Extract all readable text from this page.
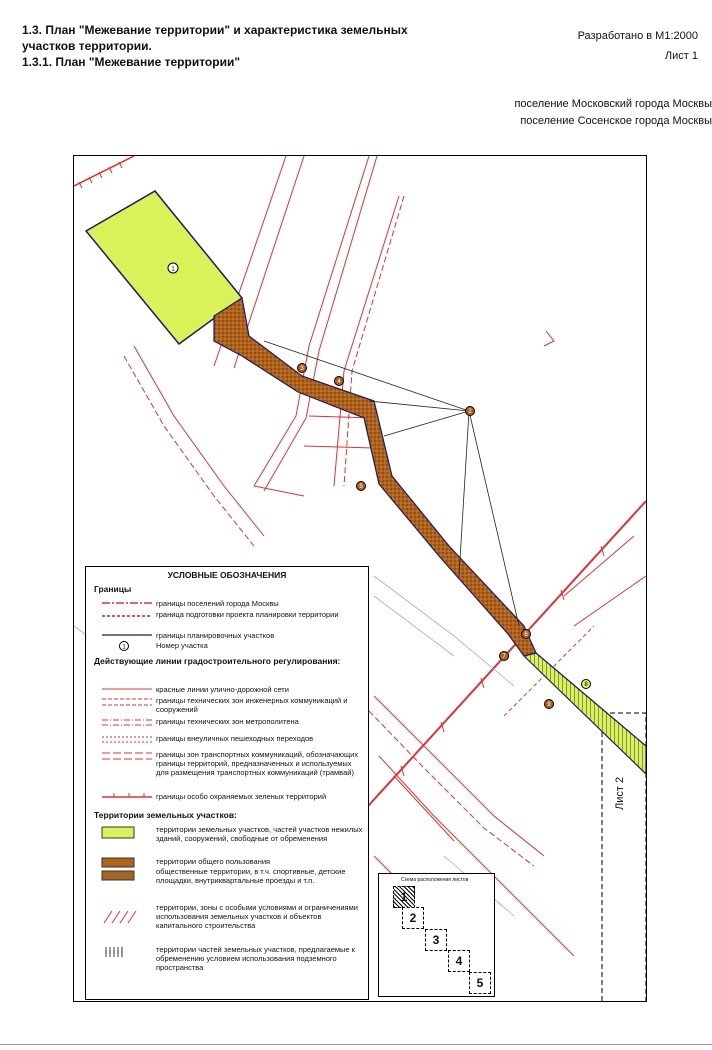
1.3. План "Межевание территории" и характеристика земельных
участков территории.
1.3.1. План "Межевание территории"
Разработано в М1:2000
Лист 1
поселение Московский города Москвы
поселение Сосенское города Москвы
1
2
3
4
5
6
7
8
9
Лист 2
УСЛОВНЫЕ ОБОЗНАЧЕНИЯ
Границы
границы поселений города Москвы
граница подготовки проекта планировки территории
границы планировочных участков
1	Номер участка
Действующие линии градостроительного регулирования:
красные линии улично-дорожной сети
границы технических зон инженерных коммуникаций и сооружений
границы технических зон метрополитена
границы внеуличных пешеходных переходов
границы зон транспортных коммуникаций, обозначающих границы территорий, предназначенных и используемых для размещения транспортных коммуникаций (трамвай)
границы особо охраняемых зеленых территорий
Территории земельных участков:
территории земельных участков, частей участков нежилых зданий, сооружений, свободные от обременения
территории общего пользования
общественные территории, в т.ч. спортивные, детские площадки, внутриквартальные проезды и т.п.
территории, зоны с особыми условиями и ограничениями использования земельных участков и объектов капитального строительства
территории частей земельных участков, предлагаемые к обременению условием использования подземного пространства
Схема расположения листов
1
2
3
4
5
